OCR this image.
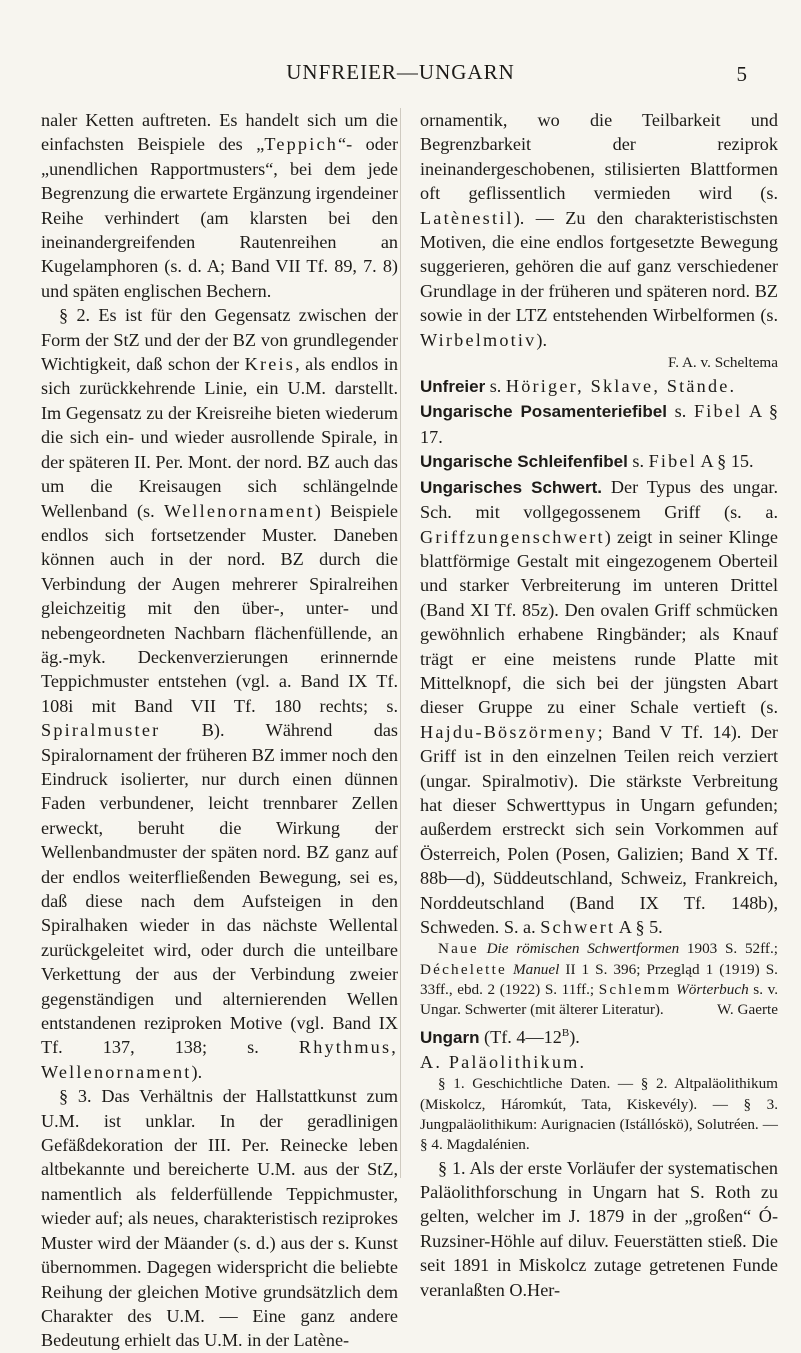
UNFREIER—UNGARN	5

naler Ketten auftreten. Es handelt sich um die einfachsten Beispiele des „Teppich“- oder „unendlichen Rapportmusters“, bei dem jede Begrenzung die erwartete Ergänzung irgendeiner Reihe verhindert (am klarsten bei den ineinandergreifenden Rautenreihen an Kugelamphoren (s. d. A; Band VII Tf. 89, 7. 8) und späten englischen Bechern.

§ 2. Es ist für den Gegensatz zwischen der Form der StZ und der der BZ von grundlegender Wichtigkeit, daß schon der Kreis, als endlos in sich zurückkehrende Linie, ein U.M. darstellt. Im Gegensatz zu der Kreisreihe bieten wiederum die sich ein- und wieder ausrollende Spirale, in der späteren II. Per. Mont. der nord. BZ auch das um die Kreisaugen sich schlängelnde Wellenband (s. Wellenornament) Beispiele endlos sich fortsetzender Muster. Daneben können auch in der nord. BZ durch die Verbindung der Augen mehrerer Spiralreihen gleichzeitig mit den über-, unter- und nebengeordneten Nachbarn flächenfüllende, an äg.-myk. Deckenverzierungen erinnernde Teppichmuster entstehen (vgl. a. Band IX Tf. 108i mit Band VII Tf. 180 rechts; s. Spiralmuster B). Während das Spiralornament der früheren BZ immer noch den Eindruck isolierter, nur durch einen dünnen Faden verbundener, leicht trennbarer Zellen erweckt, beruht die Wirkung der Wellenbandmuster der späten nord. BZ ganz auf der endlos weiterfließenden Bewegung, sei es, daß diese nach dem Aufsteigen in den Spiralhaken wieder in das nächste Wellental zurückgeleitet wird, oder durch die unteilbare Verkettung der aus der Verbindung zweier gegenständigen und alternierenden Wellen entstandenen reziproken Motive (vgl. Band IX Tf. 137, 138; s. Rhythmus, Wellenornament).

§ 3. Das Verhältnis der Hallstattkunst zum U.M. ist unklar. In der geradlinigen Gefäßdekoration der III. Per. Reinecke leben altbekannte und bereicherte U.M. aus der StZ, namentlich als felderfüllende Teppichmuster, wieder auf; als neues, charakteristisch reziprokes Muster wird der Mäander (s. d.) aus der s. Kunst übernommen. Dagegen widerspricht die beliebte Reihung der gleichen Motive grundsätzlich dem Charakter des U.M. — Eine ganz andere Bedeutung erhielt das U.M. in der Latène-

ornamentik, wo die Teilbarkeit und Begrenzbarkeit der reziprok ineinandergeschobenen, stilisierten Blattformen oft geflissentlich vermieden wird (s. Latènestil). — Zu den charakteristischsten Motiven, die eine endlos fortgesetzte Bewegung suggerieren, gehören die auf ganz verschiedener Grundlage in der früheren und späteren nord. BZ sowie in der LTZ entstehenden Wirbelformen (s. Wirbelmotiv).

F. A. v. Scheltema

Unfreier s. Höriger, Sklave, Stände.

Ungarische Posamenteriefibel s. Fibel A § 17.

Ungarische Schleifenfibel s. Fibel A § 15.

Ungarisches Schwert. Der Typus des ungar. Sch. mit vollgegossenem Griff (s. a. Griffzungenschwert) zeigt in seiner Klinge blattförmige Gestalt mit eingezogenem Oberteil und starker Verbreiterung im unteren Drittel (Band XI Tf. 85z). Den ovalen Griff schmücken gewöhnlich erhabene Ringbänder; als Knauf trägt er eine meistens runde Platte mit Mittelknopf, die sich bei der jüngsten Abart dieser Gruppe zu einer Schale vertieft (s. Hajdu-Böszörmeny; Band V Tf. 14). Der Griff ist in den einzelnen Teilen reich verziert (ungar. Spiralmotiv). Die stärkste Verbreitung hat dieser Schwerttypus in Ungarn gefunden; außerdem erstreckt sich sein Vorkommen auf Österreich, Polen (Posen, Galizien; Band X Tf. 88b—d), Süddeutschland, Schweiz, Frankreich, Norddeutschland (Band IX Tf. 148b), Schweden. S. a. Schwert A § 5.

Naue Die römischen Schwertformen 1903 S. 52ff.; Déchelette Manuel II 1 S. 396; Przegląd 1 (1919) S. 33ff., ebd. 2 (1922) S. 11ff.; Schlemm Wörterbuch s. v. Ungar. Schwerter (mit älterer Literatur).	W. Gaerte

Ungarn (Tf. $4—12^B$).

A. Paläolithikum.

§ 1. Geschichtliche Daten. — § 2. Altpaläolithikum (Miskolcz, Háromkút, Tata, Kiskevély). — § 3. Jungpaläolithikum: Aurignacien (Istállóskö), Solutréen. — § 4. Magdalénien.

§ 1. Als der erste Vorläufer der systematischen Paläolithforschung in Ungarn hat S. Roth zu gelten, welcher im J. 1879 in der „großen“ Ó-Ruzsiner-Höhle auf diluv. Feuerstätten stieß. Die seit 1891 in Miskolcz zutage getretenen Funde veranlaßten O.Her-
